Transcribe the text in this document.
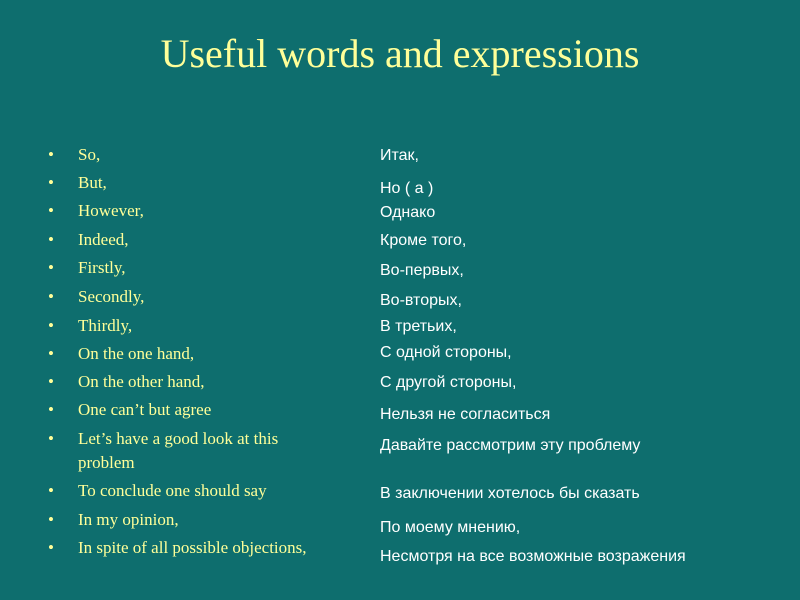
Useful words and expressions
• So,
• But,
• However,
• Indeed,
• Firstly,
• Secondly,
• Thirdly,
• On the one hand,
• On the other hand,
• One can’t but agree
• Let’s have a good look at this problem
• To conclude one should say
• In my opinion,
• In spite of all possible objections,
Итак,
Но ( а )
Однако
Кроме того,
Во-первых,
Во-вторых,
В третьих,
С одной стороны,
С другой стороны,
Нельзя не согласиться
Давайте рассмотрим эту проблему
В заключении хотелось бы сказать
По моему мнению,
Несмотря на все возможные возражения
